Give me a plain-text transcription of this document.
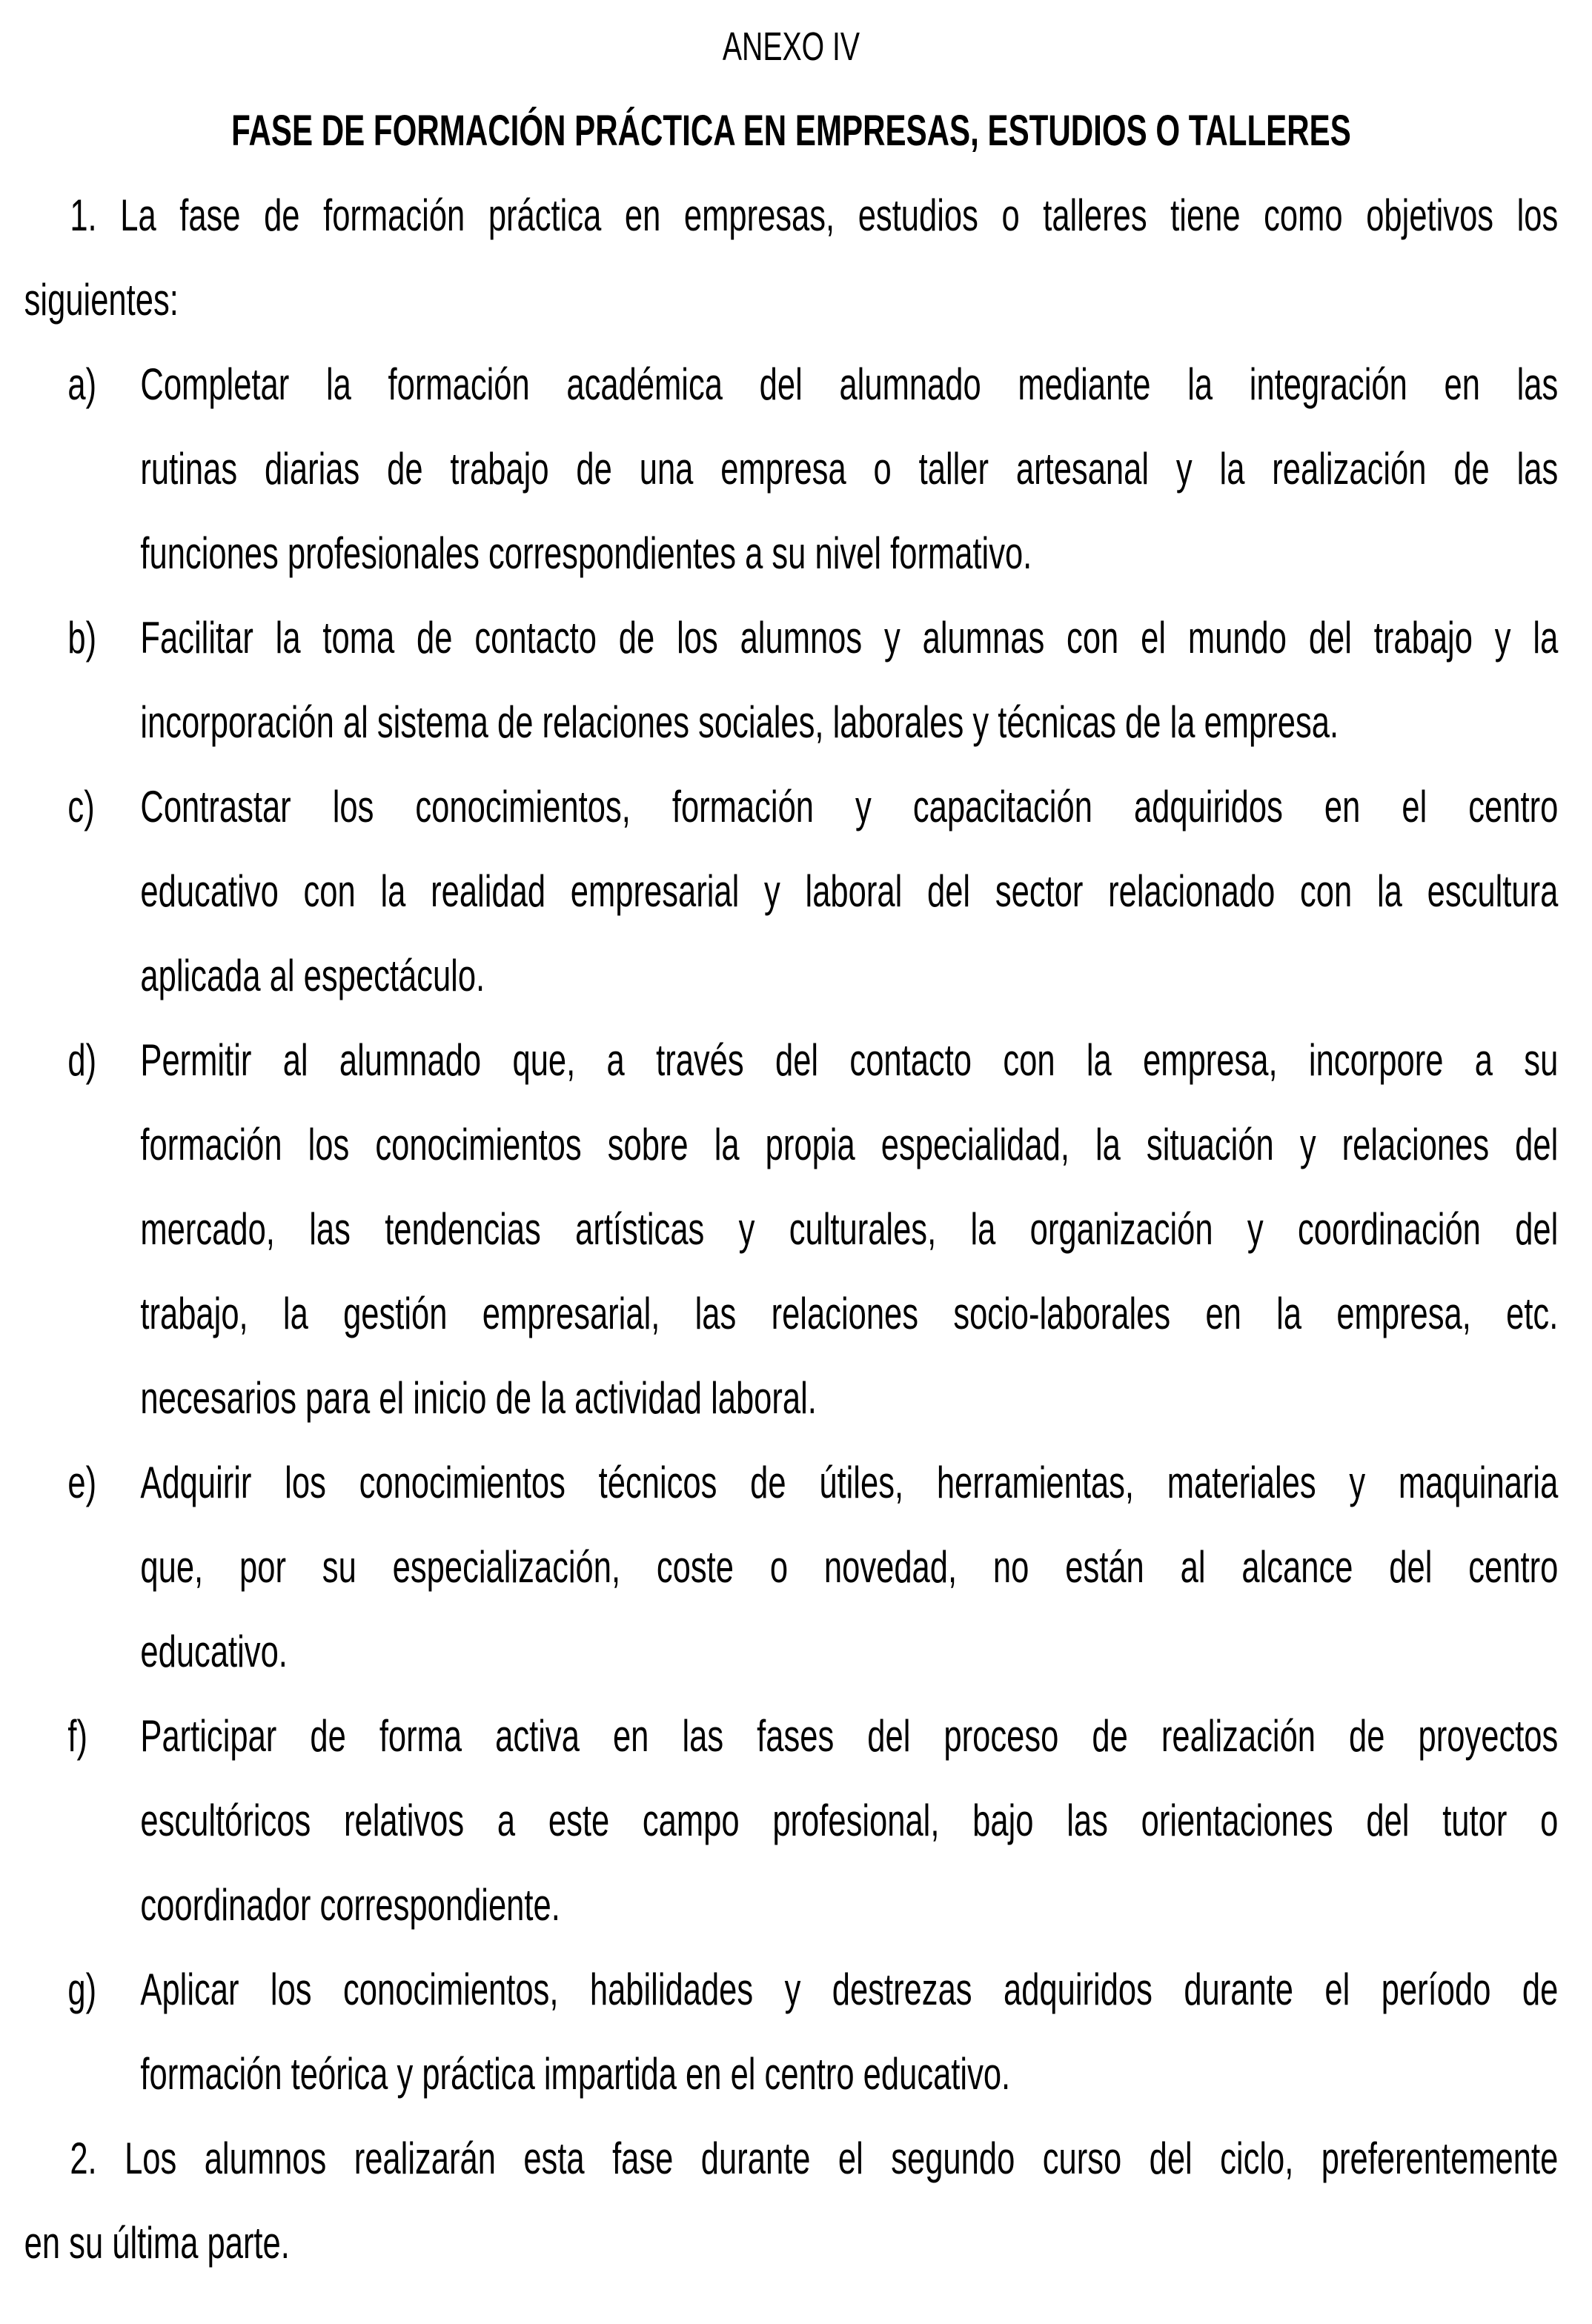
ANEXO IV
FASE DE FORMACIÓN PRÁCTICA EN EMPRESAS, ESTUDIOS O TALLERES
1. La fase de formación práctica en empresas, estudios o talleres tiene como objetivos los
siguientes:
a) Completar la formación académica del alumnado mediante la integración en las
rutinas diarias de trabajo de una empresa o taller artesanal y la realización de las
funciones profesionales correspondientes a su nivel formativo.
b) Facilitar la toma de contacto de los alumnos y alumnas con el mundo del trabajo y la
incorporación al sistema de relaciones sociales, laborales y técnicas de la empresa.
c) Contrastar los conocimientos, formación y capacitación adquiridos en el centro
educativo con la realidad empresarial y laboral del sector relacionado con la escultura
aplicada al espectáculo.
d) Permitir al alumnado que, a través del contacto con la empresa, incorpore a su
formación los conocimientos sobre la propia especialidad, la situación y relaciones del
mercado, las tendencias artísticas y culturales, la organización y coordinación del
trabajo, la gestión empresarial, las relaciones socio-laborales en la empresa, etc.
necesarios para el inicio de la actividad laboral.
e) Adquirir los conocimientos técnicos de útiles, herramientas, materiales y maquinaria
que, por su especialización, coste o novedad, no están al alcance del centro
educativo.
f) Participar de forma activa en las fases del proceso de realización de proyectos
escultóricos relativos a este campo profesional, bajo las orientaciones del tutor o
coordinador correspondiente.
g) Aplicar los conocimientos, habilidades y destrezas adquiridos durante el período de
formación teórica y práctica impartida en el centro educativo.
2. Los alumnos realizarán esta fase durante el segundo curso del ciclo, preferentemente
en su última parte.
